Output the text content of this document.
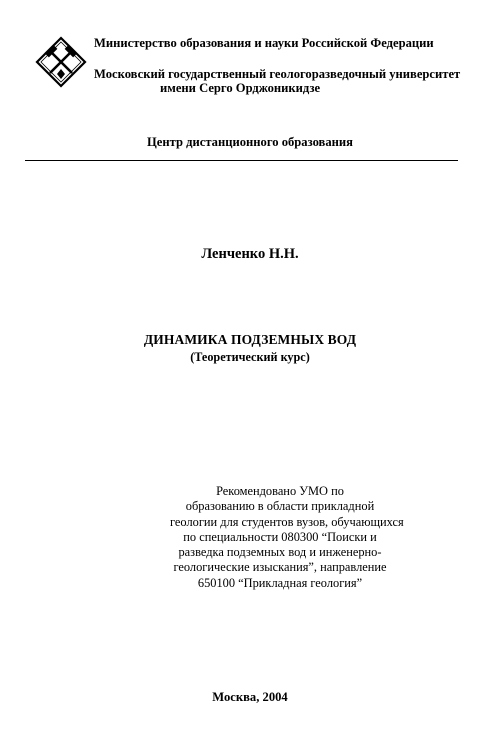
Министерство образования и науки Российской Федерации
Московский государственный геологоразведочный университет
имени Серго Орджоникидзе
Центр дистанционного образования
Ленченко Н.Н.
ДИНАМИКА ПОДЗЕМНЫХ ВОД
(Теоретический курс)
Рекомендовано УМО по
образованию в области прикладной
геологии для студентов вузов, обучающихся
по специальности 080300 “Поиски и
разведка подземных вод и инженерно-
геологические изыскания”, направление
650100 “Прикладная геология”
Москва, 2004
